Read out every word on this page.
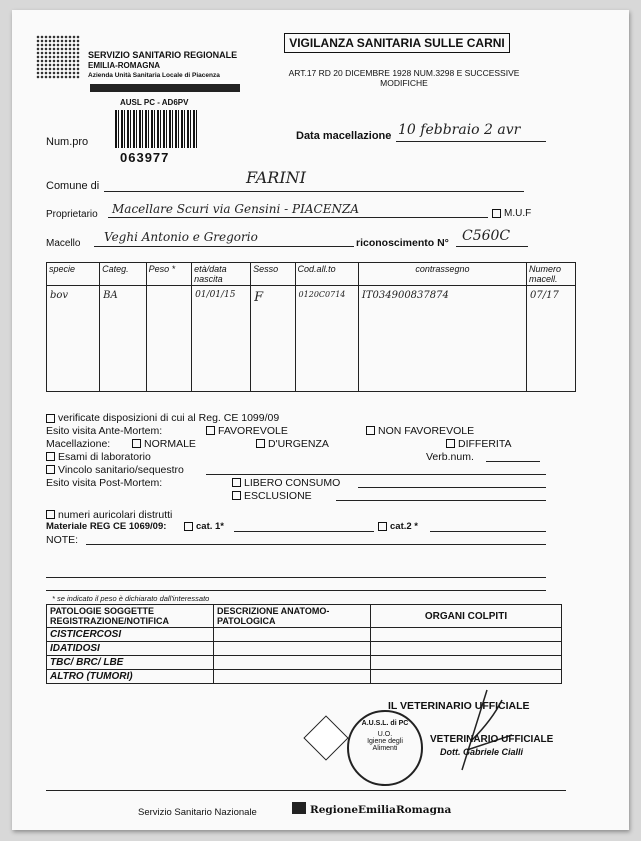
SERVIZIO SANITARIO REGIONALE
EMILIA-ROMAGNA
Azienda Unità Sanitaria Locale di Piacenza
AUSL PC - AD6PV
VIGILANZA SANITARIA SULLE CARNI
ART.17 RD 20 DICEMBRE 1928 NUM.3298 E SUCCESSIVE
MODIFICHE
Num.pro
063977
Data macellazione 10 febbraio 2 avr
Comune di	FARINI
Proprietario Macellare Scuri via Gensini - PIACENZA	M.U.F
Macello Veghi Antonio e Gregorio	riconoscimento N° C560C
specie	Categ.	Peso *	età/data nascita	Sesso	Cod.all.to	contrassegno	Numero macell.
bov	BA		01/01/15	F	0120C0714	IT034900837874	07/17
verificate disposizioni di cui al Reg. CE 1099/09
Esito visita Ante-Mortem:	FAVOREVOLE	NON FAVOREVOLE
Macellazione:	NORMALE	D'URGENZA	DIFFERITA
Esami di laboratorio	Verb.num.
Vincolo sanitario/sequestro
Esito visita Post-Mortem:	LIBERO CONSUMO
ESCLUSIONE
numeri auricolari distrutti
Materiale REG CE 1069/09:	cat. 1*	cat.2 *
NOTE:
* se indicato il peso è dichiarato dall'interessato
PATOLOGIE SOGGETTE REGISTRAZIONE/NOTIFICA	DESCRIZIONE ANATOMO-PATOLOGICA	ORGANI COLPITI
CISTICERCOSI		
IDATIDOSI		
TBC/ BRC/ LBE		
ALTRO (TUMORI)		
IL VETERINARIO UFFICIALE
A.U.S.L. di PC
U.O.
Igiene degli
Alimenti
VETERINARIO UFFICIALE
Dott. Gabriele Cialli
Servizio Sanitario Nazionale	RegioneEmiliaRomagna
